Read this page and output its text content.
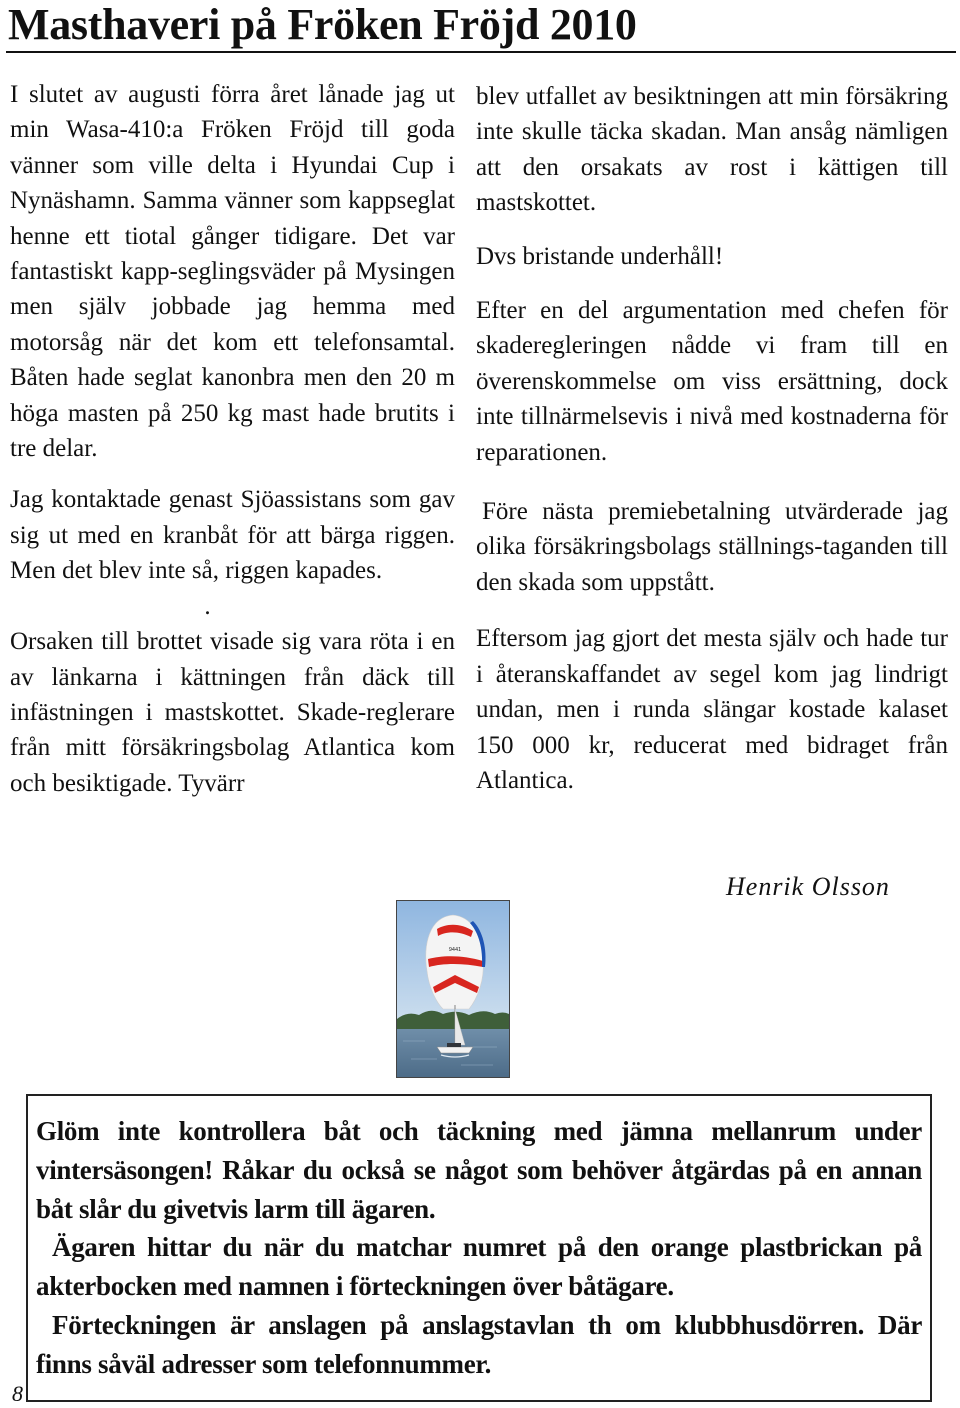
Masthaveri på Fröken Fröjd 2010

I slutet av augusti förra året lånade jag ut min Wasa-410:a Fröken Fröjd till goda vänner som ville delta i Hyundai Cup i Nynäshamn. Samma vänner som kappseglat henne ett tiotal gånger tidigare. Det var fantastiskt kapp-seglingsväder på Mysingen men själv jobbade jag hemma med motorsåg när det kom ett telefonsamtal. Båten hade seglat kanonbra men den 20 m höga masten på 250 kg mast hade brutits i tre delar.

Jag kontaktade genast Sjöassistans som gav sig ut med en kranbåt för att bärga riggen. Men det blev inte så, riggen kapades.

.

Orsaken till brottet visade sig vara röta i en av länkarna i kättningen från däck till infästningen i mastskottet. Skade-reglerare från mitt försäkringsbolag Atlantica kom och besiktigade. Tyvärr

blev utfallet av besiktningen att min försäkring inte skulle täcka skadan. Man ansåg nämligen att den orsakats av rost i kättigen till mastskottet.

Dvs bristande underhåll!

Efter en del argumentation med chefen för skaderegleringen nådde vi fram till en överenskommelse om viss ersättning, dock inte tillnärmelsevis i nivå med kostnaderna för reparationen.

Före nästa premiebetalning utvärderade jag olika försäkringsbolags ställnings-taganden till den skada som uppstått.

Eftersom jag gjort det mesta själv och hade tur i återanskaffandet av segel kom jag lindrigt undan, men i runda slängar kostade kalaset 150 000 kr, reducerat med bidraget från Atlantica.

Henrik Olsson
9441

Glöm inte kontrollera båt och täckning med jämna mellanrum under vintersäsongen! Råkar du också se något som behöver åtgärdas på en annan båt slår du givetvis larm till ägaren.

Ägaren hittar du när du matchar numret på den orange plastbrickan på akterbocken med namnen i förteckningen över båtägare.

Förteckningen är anslagen på anslagstavlan th om klubbhusdörren. Där finns såväl adresser som telefonnummer.

8
